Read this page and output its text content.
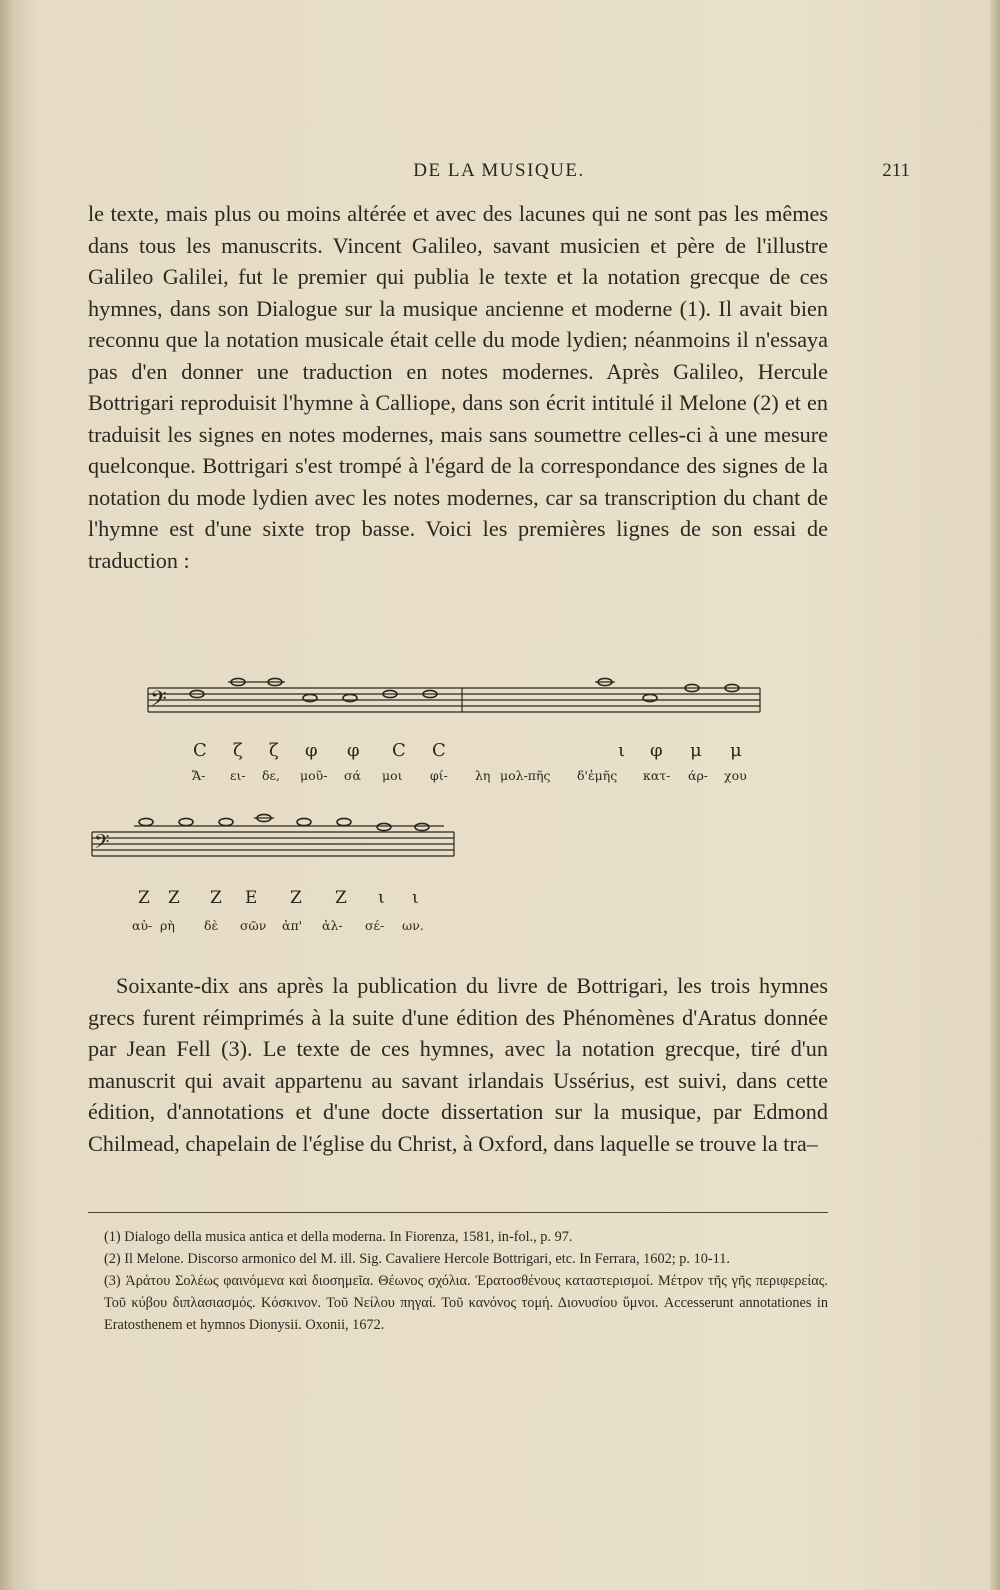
DE LA MUSIQUE.	211

le texte, mais plus ou moins altérée et avec des lacunes qui ne sont pas les mêmes dans tous les manuscrits. Vincent Galileo, savant musicien et père de l'illustre Galileo Galilei, fut le premier qui publia le texte et la notation grecque de ces hymnes, dans son Dialogue sur la musique ancienne et moderne (1). Il avait bien reconnu que la notation musicale était celle du mode lydien; néanmoins il n'essaya pas d'en donner une traduction en notes modernes. Après Galileo, Hercule Bottrigari reproduisit l'hymne à Calliope, dans son écrit intitulé il Melone (2) et en traduisit les signes en notes modernes, mais sans soumettre celles-ci à une mesure quelconque. Bottrigari s'est trompé à l'égard de la correspondance des signes de la notation du mode lydien avec les notes modernes, car sa transcription du chant de l'hymne est d'une sixte trop basse. Voici les premières lignes de son essai de traduction :

𝄢
C ζ ζ φ φ C C	ι φ μ μ
Ἄ- ει- δε, μοῦ- σά μοι φί- λη μολ-πῆς δ'ἐμῆς κατ- άρ- χου
𝄢
Z Z Z E Z Z ι ι
αὐ- ρὴ δὲ σῶν ἀπ' ἀλ- σέ- ων.

Soixante-dix ans après la publication du livre de Bottrigari, les trois hymnes grecs furent réimprimés à la suite d'une édition des Phénomènes d'Aratus donnée par Jean Fell (3). Le texte de ces hymnes, avec la notation grecque, tiré d'un manuscrit qui avait appartenu au savant irlandais Ussérius, est suivi, dans cette édition, d'annotations et d'une docte dissertation sur la musique, par Edmond Chilmead, chapelain de l'église du Christ, à Oxford, dans laquelle se trouve la tra–

(1) Dialogo della musica antica et della moderna. In Fiorenza, 1581, in-fol., p. 97.

(2) Il Melone. Discorso armonico del M. ill. Sig. Cavaliere Hercole Bottrigari, etc. In Ferrara, 1602; p. 10-11.

(3) Ἀράτου Σολέως φαινόμενα καὶ διοσημεῖα. Θέωνος σχόλια. Ἐρατοσθένους καταστερισμοί. Μέτρον τῆς γῆς περιφερείας. Τοῦ κύβου διπλασιασμός. Κόσκινον. Τοῦ Νείλου πηγαί. Τοῦ κανόνος τομή. Διονυσίου ὕμνοι. Accesserunt annotationes in Eratosthenem et hymnos Dionysii. Oxonii, 1672.
